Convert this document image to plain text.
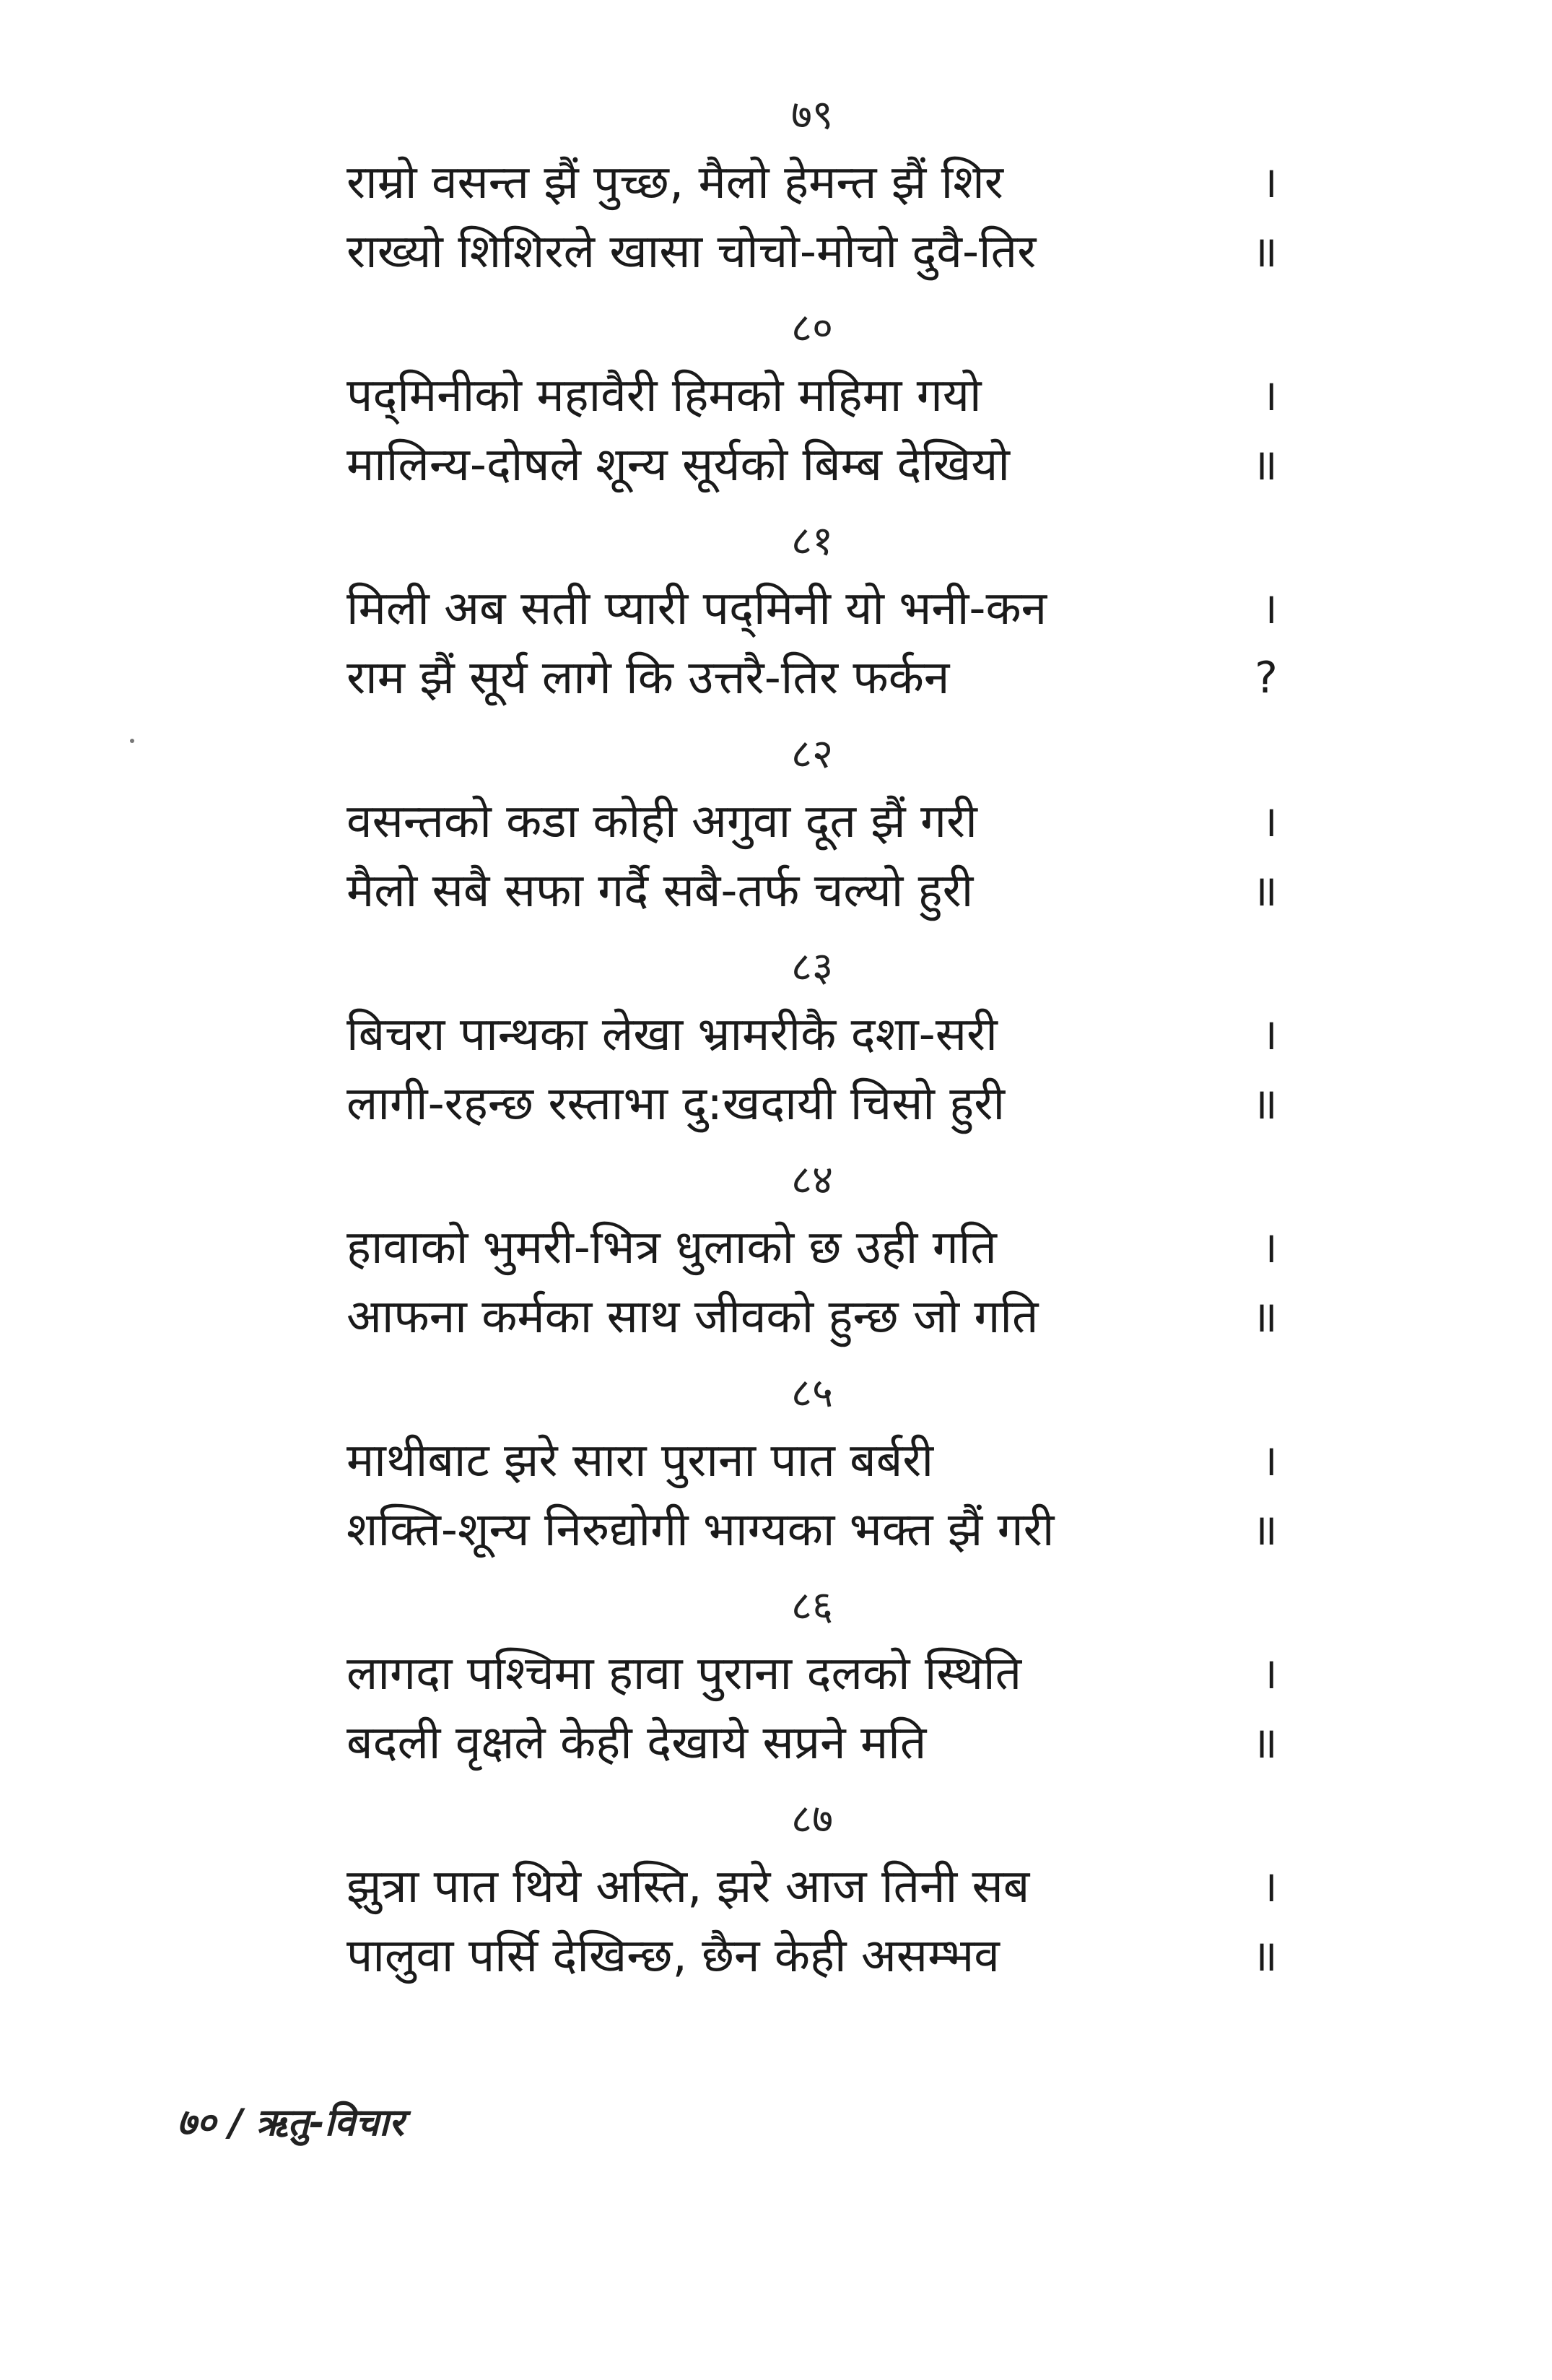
७९
राम्रो वसन्त झैं पुच्छ, मैलो हेमन्त झैं शिर	।
राख्यो शिशिरले खासा चोचो-मोचो दुवै-तिर	॥
८०
पद्‌मिनीको महावैरी हिमको महिमा गयो	।
मालिन्य-दोषले शून्य सूर्यको बिम्ब देखियो	॥
८१
मिली अब सती प्यारी पद्‌मिनी यो भनी-कन	।
राम झैं सूर्य लागे कि उत्तरै-तिर फर्कन	?
८२
वसन्तको कडा कोही अगुवा दूत झैं गरी	।
मैलो सबै सफा गर्दै सबै-तर्फ चल्यो हुरी	॥
८३
बिचरा पान्थका लेखा भ्रामरीकै दशा-सरी	।
लागी-रहन्छ रस्ताभा दु:खदायी चिसो हुरी	॥
८४
हावाको भुमरी-भित्र धुलाको छ उही गति	।
आफना कर्मका साथ जीवको हुन्छ जो गति	॥
८५
माथीबाट झरे सारा पुराना पात बर्बरी	।
शक्ति-शून्य निरुद्योगी भाग्यका भक्त झैं गरी	॥
८६
लागदा पश्चिमा हावा पुराना दलको स्थिति	।
बदली वृक्षले केही देखाये सप्रने मति	॥
८७
झुत्रा पात थिये अस्ति, झरे आज तिनी सब	।
पालुवा पर्सि देखिन्छ, छैन केही असम्भव	॥
७० / ऋतु-विचार
